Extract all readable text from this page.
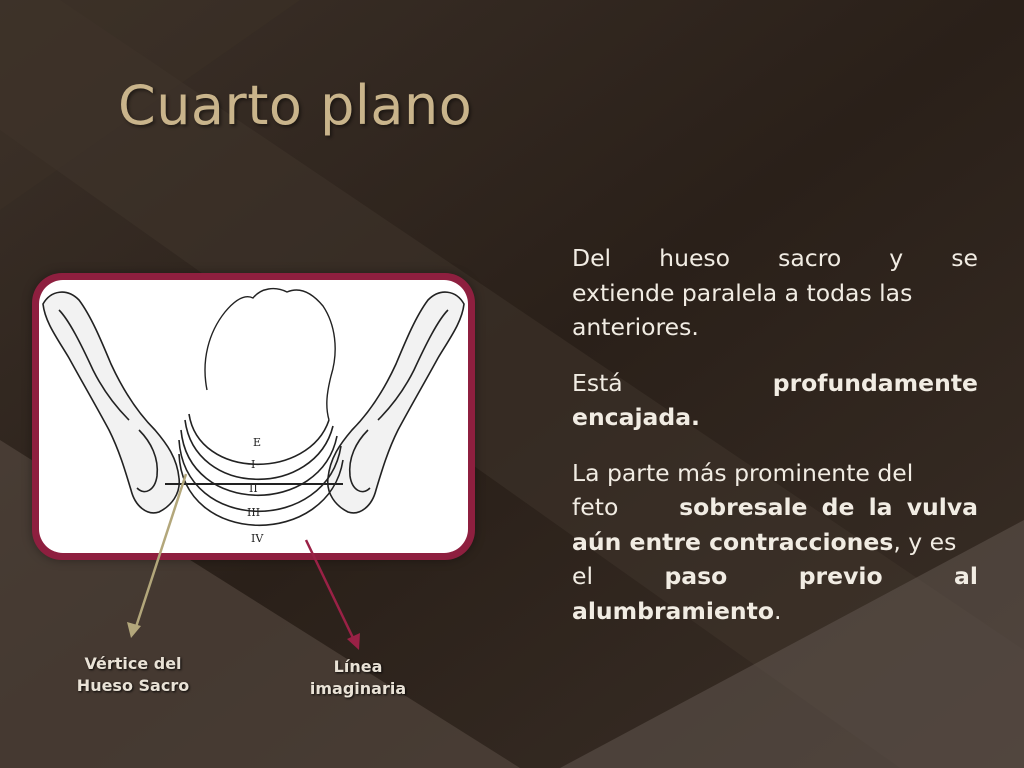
Cuarto plano
E
I
II
III
IV
Vértice del
Hueso Sacro
Línea
imaginaria

Del hueso sacro y se
extiende paralela a todas las
anteriores.

Está	profundamente
encajada.

La parte más prominente del
feto	sobresale de la vulva
aún entre contracciones, y es
el	paso	previo	al
alumbramiento.
